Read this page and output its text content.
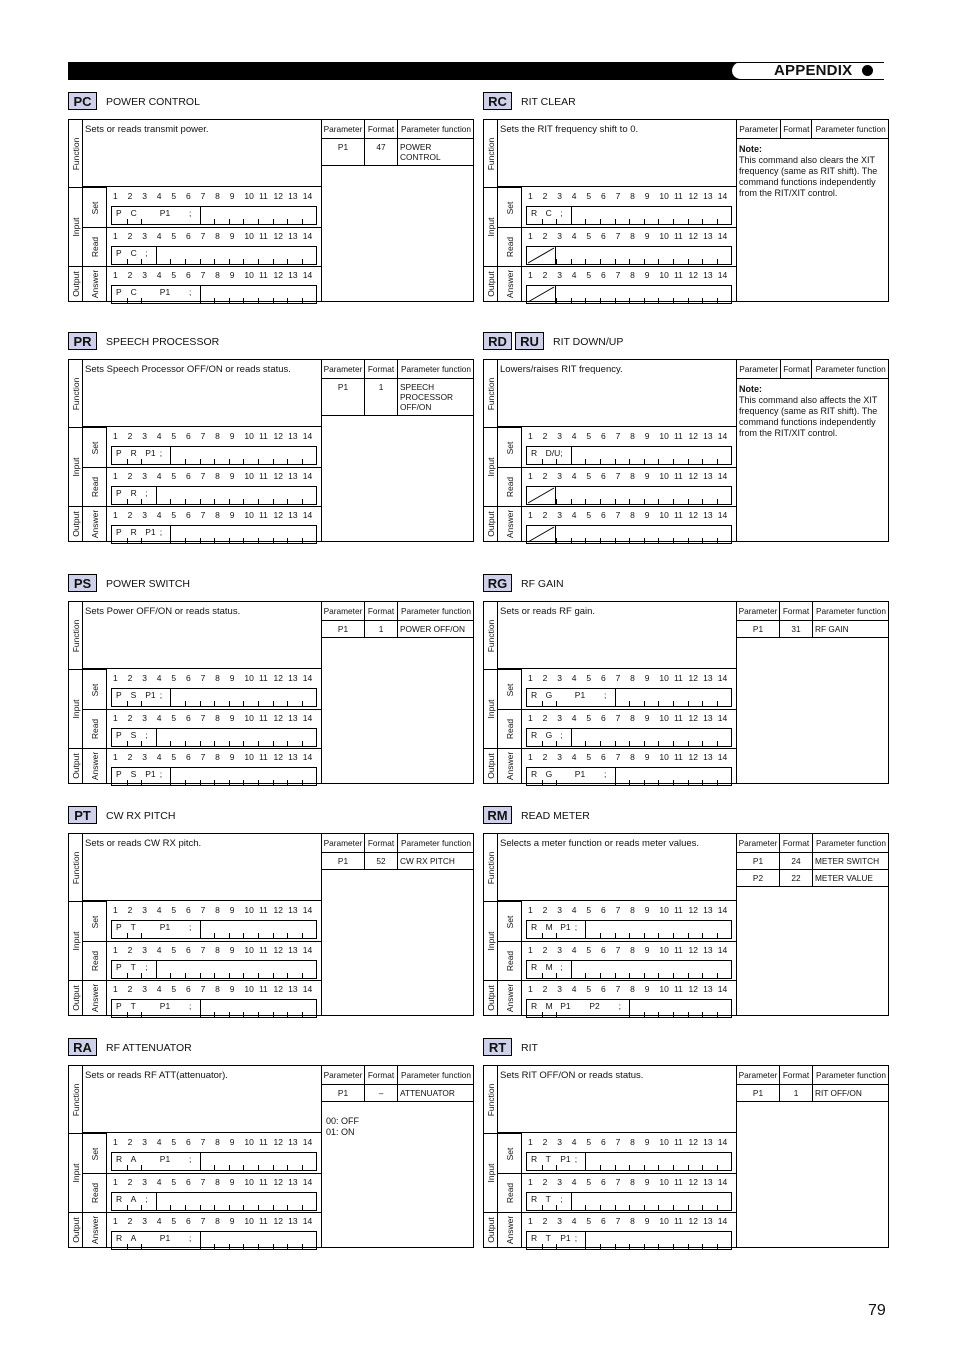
APPENDIX
79
PC	POWER CONTROL
Function
Input
Output
Set
Read
Answer
Sets or reads transmit power.
1	2	3	4	5	6	7	8	9	10 11 12 13 14
P C	P1 ;
1	2	3	4	5	6	7	8	9	10 11 12 13 14
P C ;
1	2	3	4	5	6	7	8	9	10 11 12 13 14
P C	P1 ;
Parameter	Format	Parameter function
P1	47	POWER CONTROL
RC	RIT CLEAR
Function
Input
Output
Set
Read
Answer
Sets the RIT frequency shift to 0.
1	2	3	4	5	6	7	8	9	10 11 12 13 14
R C ;
1	2	3	4	5	6	7	8	9	10 11 12 13 14
1	2	3	4	5	6	7	8	9	10 11 12 13 14
Parameter	Format	Parameter function
Note:
This command also clears the XIT frequency (same as RIT shift). The command functions independently from the RIT/XIT control.
PR	SPEECH PROCESSOR
Function
Input
Output
Set
Read
Answer
Sets Speech Processor OFF/ON or reads status.
1	2	3	4	5	6	7	8	9	10 11 12 13 14
P R P1 ;
1	2	3	4	5	6	7	8	9	10 11 12 13 14
P R ;
1	2	3	4	5	6	7	8	9	10 11 12 13 14
P R P1 ;
Parameter	Format	Parameter function
P1	1	SPEECH PROCESSOR OFF/ON
RD	RU	RIT DOWN/UP
Function
Input
Output
Set
Read
Answer
Lowers/raises RIT frequency.
1	2	3	4	5	6	7	8	9	10 11 12 13 14
R D/U ;
1	2	3	4	5	6	7	8	9	10 11 12 13 14
1	2	3	4	5	6	7	8	9	10 11 12 13 14
Parameter	Format	Parameter function
Note:
This command also affects the XIT frequency (same as RIT shift). The command functions independently from the RIT/XIT control.
PS	POWER SWITCH
Function
Input
Output
Set
Read
Answer
Sets Power OFF/ON or reads status.
1	2	3	4	5	6	7	8	9	10 11 12 13 14
P S P1 ;
1	2	3	4	5	6	7	8	9	10 11 12 13 14
P S ;
1	2	3	4	5	6	7	8	9	10 11 12 13 14
P S P1 ;
Parameter	Format	Parameter function
P1	1	POWER OFF/ON
RG	RF GAIN
Function
Input
Output
Set
Read
Answer
Sets or reads RF gain.
1	2	3	4	5	6	7	8	9	10 11 12 13 14
R G	P1 ;
1	2	3	4	5	6	7	8	9	10 11 12 13 14
R G ;
1	2	3	4	5	6	7	8	9	10 11 12 13 14
R G	P1 ;
Parameter	Format	Parameter function
P1	31	RF GAIN
PT	CW RX PITCH
Function
Input
Output
Set
Read
Answer
Sets or reads CW RX pitch.
1	2	3	4	5	6	7	8	9	10 11 12 13 14
P T	P1 ;
1	2	3	4	5	6	7	8	9	10 11 12 13 14
P T ;
1	2	3	4	5	6	7	8	9	10 11 12 13 14
P T	P1 ;
Parameter	Format	Parameter function
P1	52	CW RX PITCH
RM	READ METER
Function
Input
Output
Set
Read
Answer
Selects a meter function or reads meter values.
1	2	3	4	5	6	7	8	9	10 11 12 13 14
R M P1 ;
1	2	3	4	5	6	7	8	9	10 11 12 13 14
R M ;
1	2	3	4	5	6	7	8	9	10 11 12 13 14
R M P1 P2 ;
Parameter	Format	Parameter function
P1	24	METER SWITCH
P2	22	METER VALUE
RA	RF ATTENUATOR
Function
Input
Output
Set
Read
Answer
Sets or reads RF ATT(attenuator).
1	2	3	4	5	6	7	8	9	10 11 12 13 14
R A	P1 ;
1	2	3	4	5	6	7	8	9	10 11 12 13 14
R A ;
1	2	3	4	5	6	7	8	9	10 11 12 13 14
R A	P1 ;
Parameter	Format	Parameter function
P1	–	ATTENUATOR
00: OFF
01: ON
RT	RIT
Function
Input
Output
Set
Read
Answer
Sets RIT OFF/ON or reads status.
1	2	3	4	5	6	7	8	9	10 11 12 13 14
R T P1 ;
1	2	3	4	5	6	7	8	9	10 11 12 13 14
R T ;
1	2	3	4	5	6	7	8	9	10 11 12 13 14
R T P1 ;
Parameter	Format	Parameter function
P1	1	RIT OFF/ON
